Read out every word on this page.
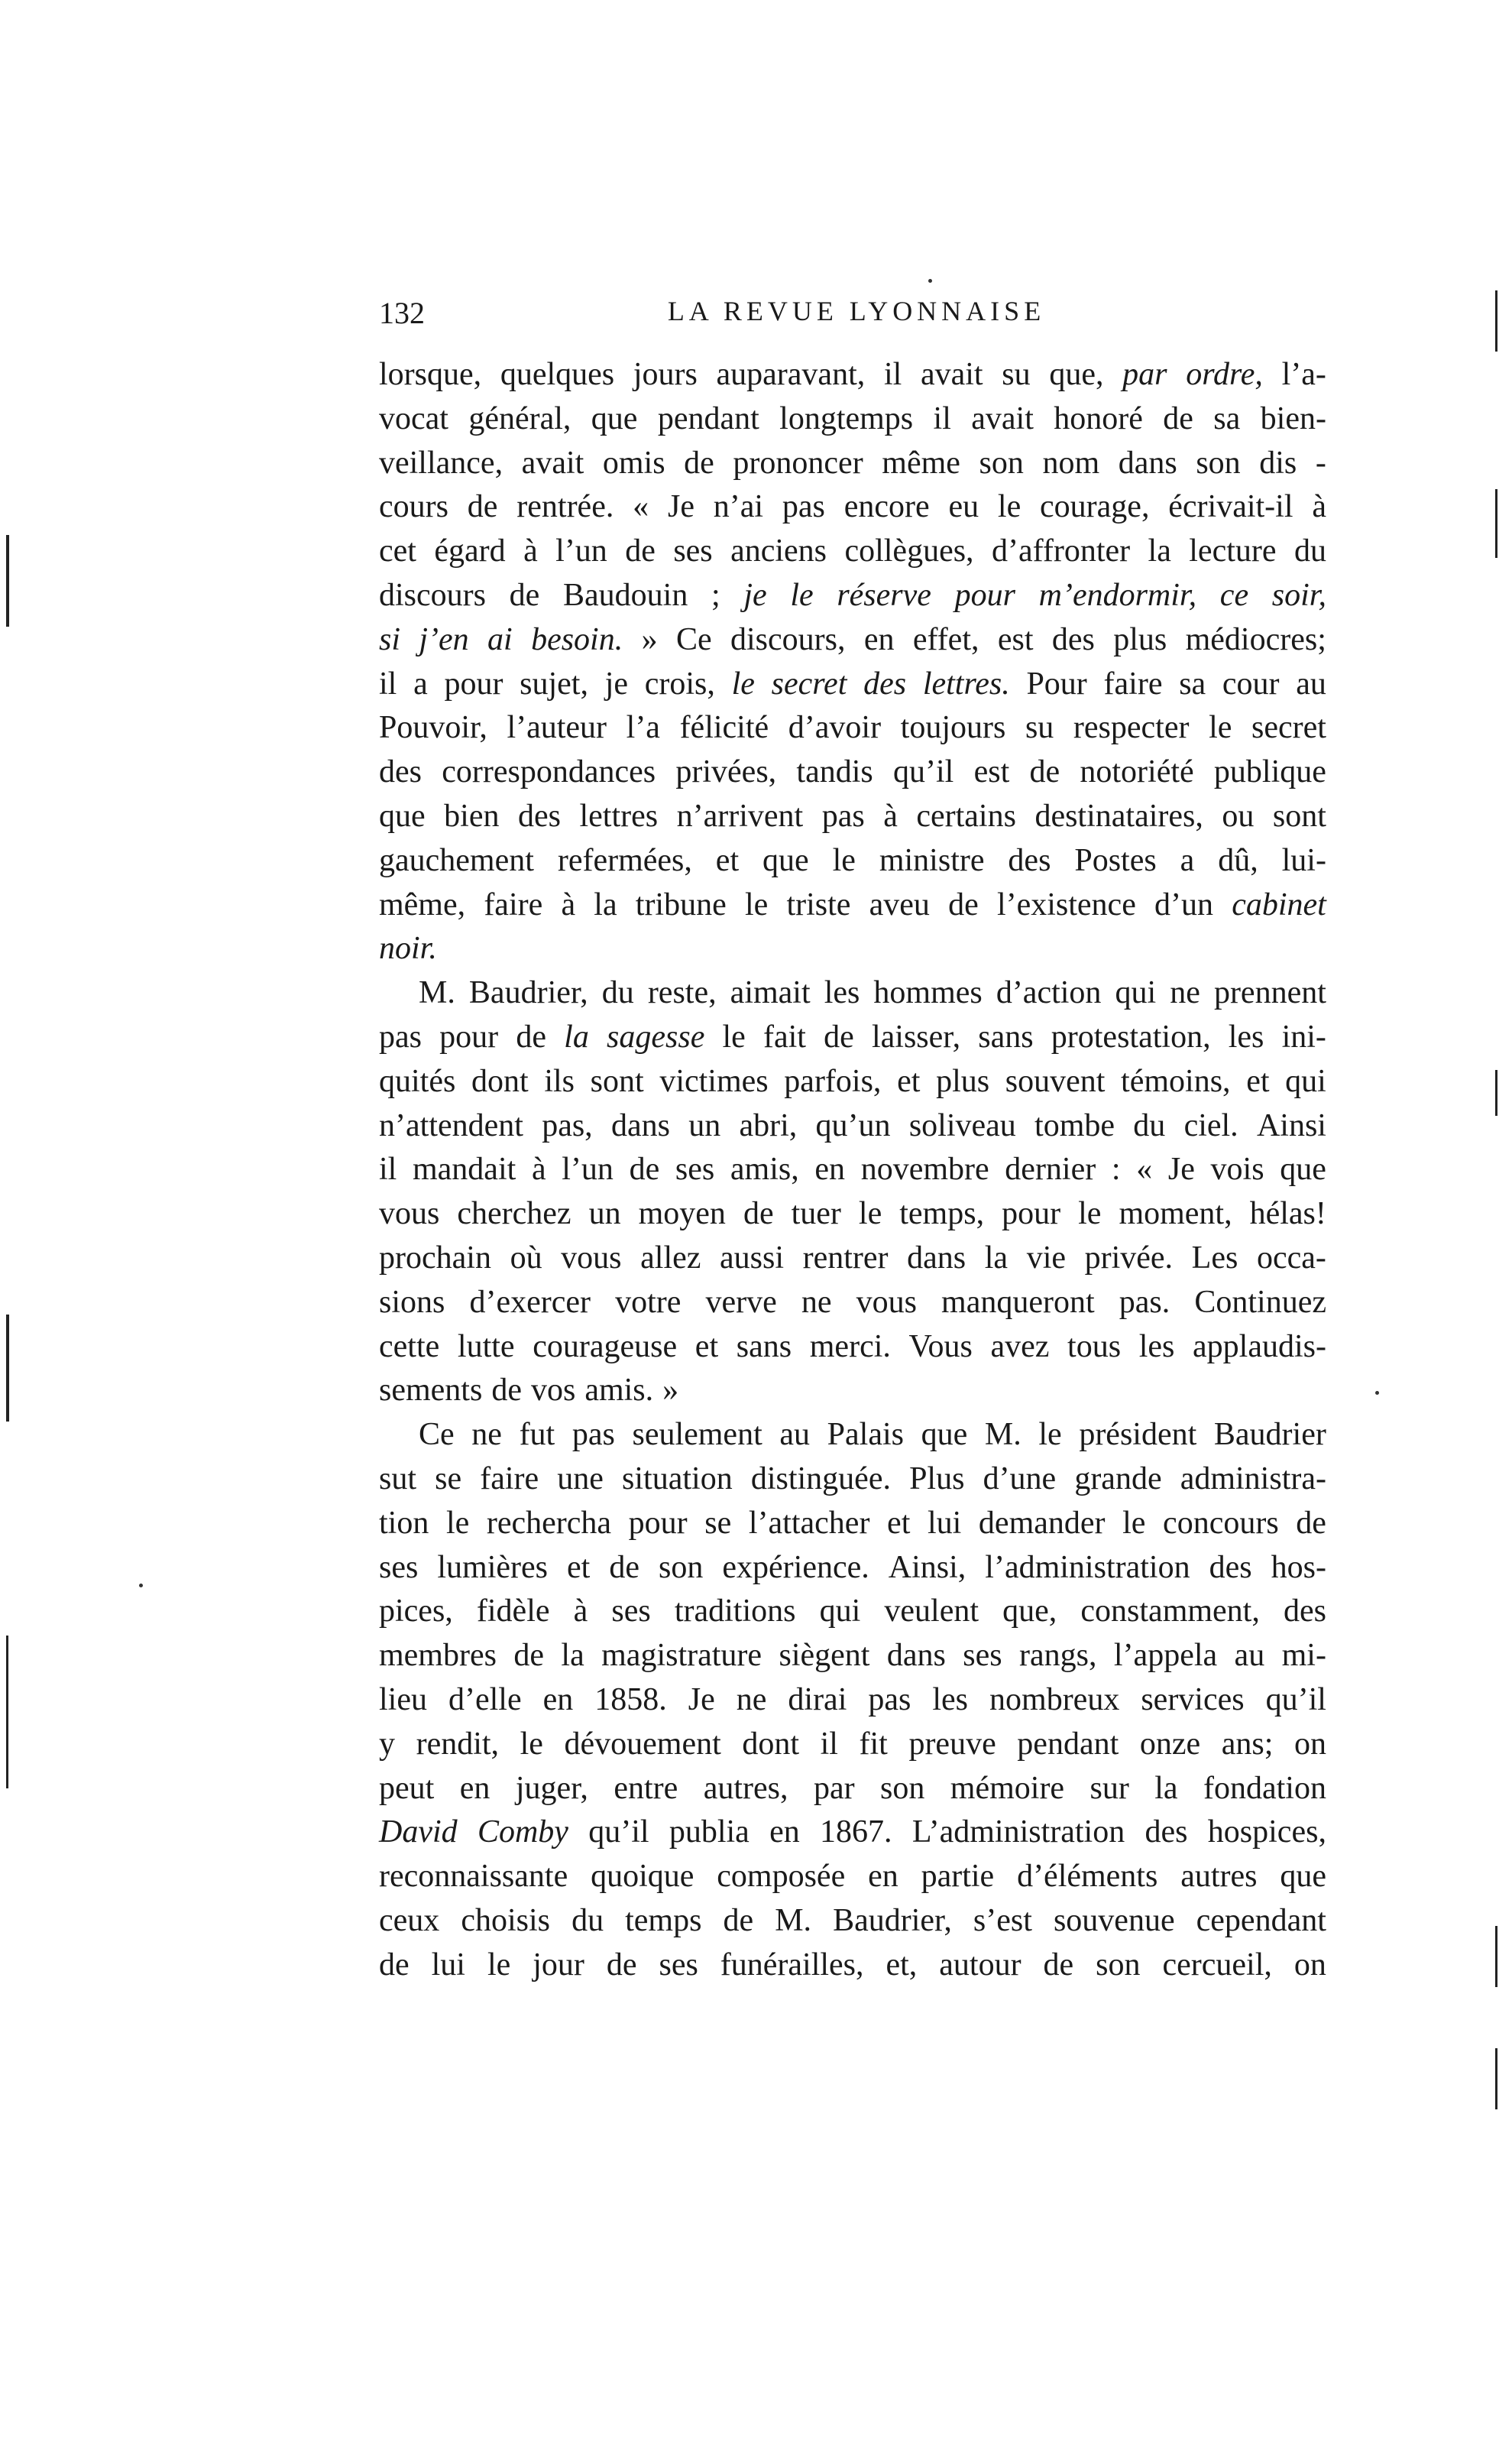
132	LA REVUE LYONNAISE
lorsque, quelques jours auparavant, il avait su que, par ordre, l’a-
vocat général, que pendant longtemps il avait honoré de sa bien-
veillance, avait omis de prononcer même son nom dans son dis -
cours de rentrée. « Je n’ai pas encore eu le courage, écrivait-il à
cet égard à l’un de ses anciens collègues, d’affronter la lecture du
discours de Baudouin ; je le réserve pour m’endormir, ce soir,
si j’en ai besoin. » Ce discours, en effet, est des plus médiocres;
il a pour sujet, je crois, le secret des lettres. Pour faire sa cour au
Pouvoir, l’auteur l’a félicité d’avoir toujours su respecter le secret
des correspondances privées, tandis qu’il est de notoriété publique
que bien des lettres n’arrivent pas à certains destinataires, ou sont
gauchement refermées, et que le ministre des Postes a dû, lui-
même, faire à la tribune le triste aveu de l’existence d’un cabinet
noir.
M. Baudrier, du reste, aimait les hommes d’action qui ne prennent
pas pour de la sagesse le fait de laisser, sans protestation, les ini-
quités dont ils sont victimes parfois, et plus souvent témoins, et qui
n’attendent pas, dans un abri, qu’un soliveau tombe du ciel. Ainsi
il mandait à l’un de ses amis, en novembre dernier : « Je vois que
vous cherchez un moyen de tuer le temps, pour le moment, hélas!
prochain où vous allez aussi rentrer dans la vie privée. Les occa-
sions d’exercer votre verve ne vous manqueront pas. Continuez
cette lutte courageuse et sans merci. Vous avez tous les applaudis-
sements de vos amis. »
Ce ne fut pas seulement au Palais que M. le président Baudrier
sut se faire une situation distinguée. Plus d’une grande administra-
tion le rechercha pour se l’attacher et lui demander le concours de
ses lumières et de son expérience. Ainsi, l’administration des hos-
pices, fidèle à ses traditions qui veulent que, constamment, des
membres de la magistrature siègent dans ses rangs, l’appela au mi-
lieu d’elle en 1858. Je ne dirai pas les nombreux services qu’il
y rendit, le dévouement dont il fit preuve pendant onze ans; on
peut en juger, entre autres, par son mémoire sur la fondation
David Comby qu’il publia en 1867. L’administration des hospices,
reconnaissante quoique composée en partie d’éléments autres que
ceux choisis du temps de M. Baudrier, s’est souvenue cependant
de lui le jour de ses funérailles, et, autour de son cercueil, on
